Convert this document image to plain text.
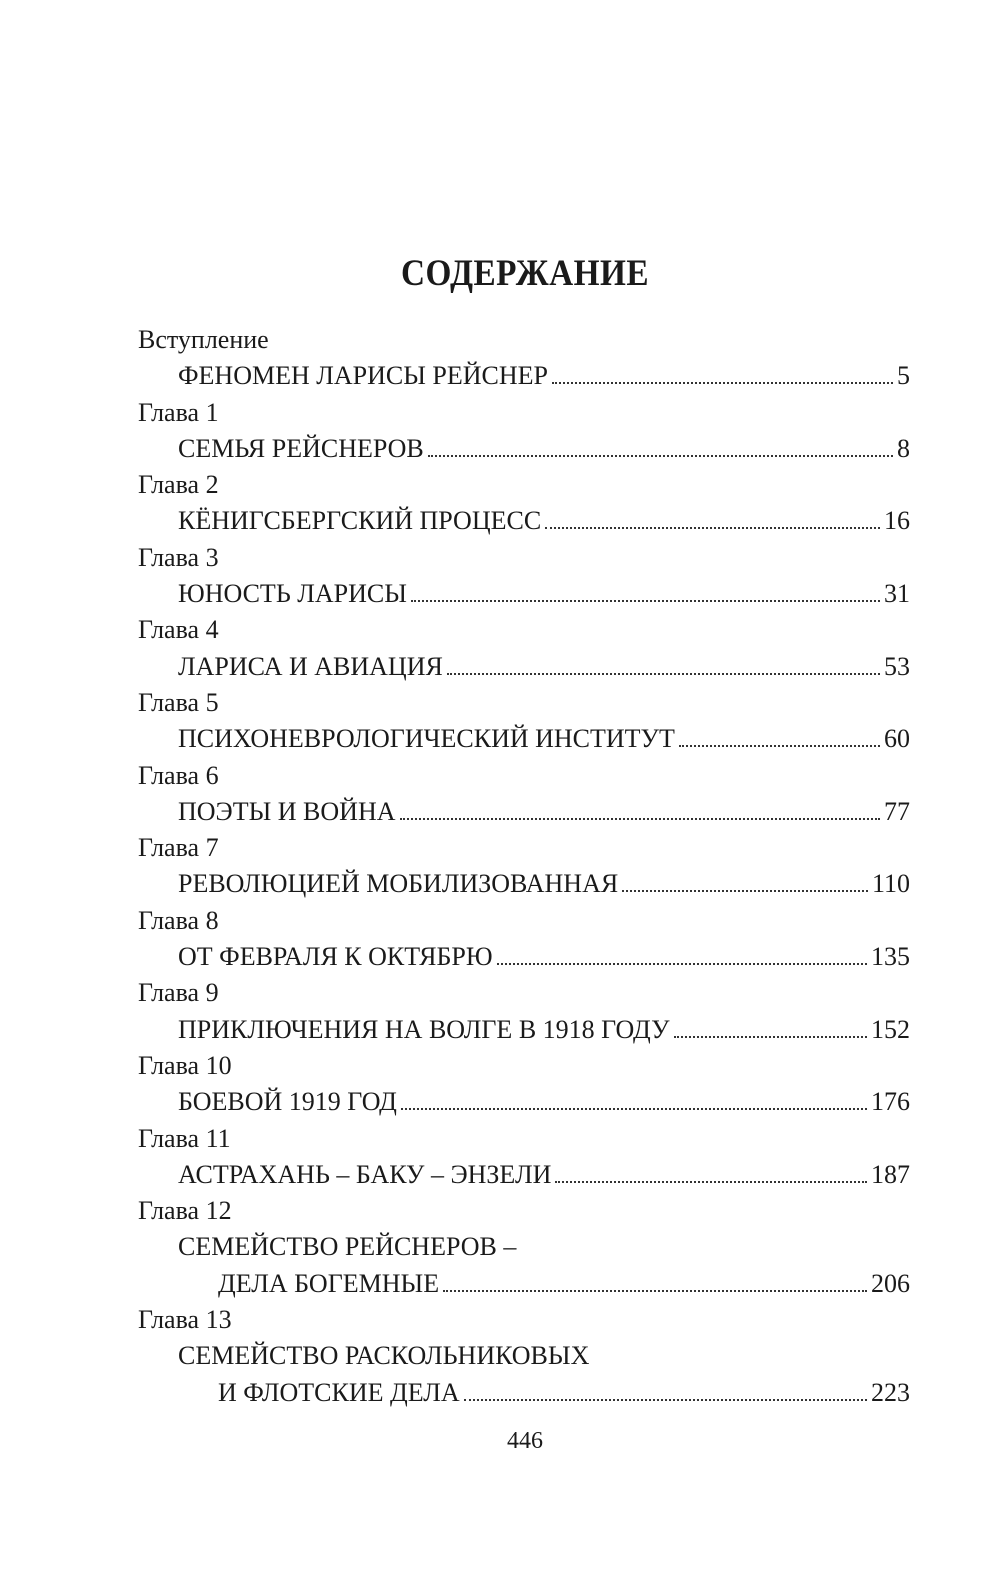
СОДЕРЖАНИЕ
Вступление
ФЕНОМЕН ЛАРИСЫ РЕЙСНЕР	5
Глава 1
СЕМЬЯ РЕЙСНЕРОВ	8
Глава 2
КЁНИГСБЕРГСКИЙ ПРОЦЕСС	16
Глава 3
ЮНОСТЬ ЛАРИСЫ	31
Глава 4
ЛАРИСА И АВИАЦИЯ	53
Глава 5
ПСИХОНЕВРОЛОГИЧЕСКИЙ ИНСТИТУТ	60
Глава 6
ПОЭТЫ И ВОЙНА	77
Глава 7
РЕВОЛЮЦИЕЙ МОБИЛИЗОВАННАЯ	110
Глава 8
ОТ ФЕВРАЛЯ К ОКТЯБРЮ	135
Глава 9
ПРИКЛЮЧЕНИЯ НА ВОЛГЕ В 1918 ГОДУ	152
Глава 10
БОЕВОЙ 1919 ГОД	176
Глава 11
АСТРАХАНЬ – БАКУ – ЭНЗЕЛИ	187
Глава 12
СЕМЕЙСТВО РЕЙСНЕРОВ –
ДЕЛА БОГЕМНЫЕ	206
Глава 13
СЕМЕЙСТВО РАСКОЛЬНИКОВЫХ
И ФЛОТСКИЕ ДЕЛА	223
446
